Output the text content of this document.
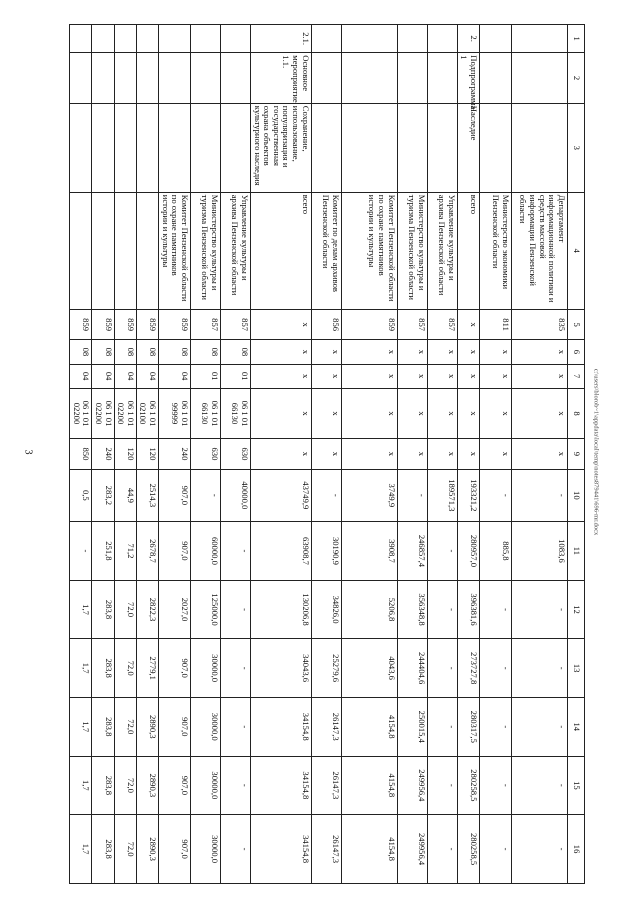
3	c:\users\blorob~1\appdata\local\temp\notes879441\696-mr.docx
1	2	3	4	5	6	7	8	9	10	11	12	13	14	15	16
			Департамент информационной политики и средств массовой информации Пензенской области	835	х	х	х	х	-	1083,6	-	-	-	-	-
			Министерство экономики Пензенской области	811	х	х	х	х	-	885,8	-	-	-	-	-
2.	Подпрограмма 1	Наследие	всего	х	х	х	х	х	193321,2	280957,0	396381,6	273727,8	280317,5	280258,5	280258,5
			Управление культуры и архива Пензенской области	857	х	х	х	х	189571,3	-	-	-	-	-	-
			Министерство культуры и туризма Пензенской области	857	х	х	х	х	-	246857,4	356348,8	244404,6	250015,4	249956,4	249956,4
			Комитет Пензенской области по охране памятников истории и культуры	859	х	х	х	х	3749,9	3908,7	5206,8	4043,6	4154,8	4154,8	4154,8
			Комитет по делам архивов Пензенской области	856	х	х	х	х	-	30190,9	34826,0	25279,6	26147,3	26147,3	26147,3
2.1.	Основное мероприятие 1.1.	Сохранение, использование, популяризация и государственная охрана объектов культурного наследия	всего	х	х	х	х	х	43749,9	63908,7	130206,8	34043,6	34154,8	34154,8	34154,8
			Управление культуры и архива Пензенской области	857	08	01	06 1 01 66130	630	40000,0	-	-	-	-	-	-
			Министерство культуры и туризма Пензенской области	857	08	01	06 1 01 66130	630	-	60000,0	125000,0	30000,0	30000,0	30000,0	30000,0
			Комитет Пензенской области по охране памятников истории и культуры	859	08	04	06 1 01 99999	240	907,0	907,0	2027,0	907,0	907,0	907,0	907,0
				859	08	04	06 1 01 02100	120	2514,3	2678,7	2822,3	2779,1	2890,3	2890,3	2890,3
				859	08	04	06 1 01 02200	120	44,9	71,2	72,0	72,0	72,0	72,0	72,0
				859	08	04	06 1 01 02200	240	283,2	251,8	283,8	283,8	283,8	283,8	283,8
				859	08	04	06 1 01 02200	850	0,5	-	1,7	1,7	1,7	1,7	1,7
